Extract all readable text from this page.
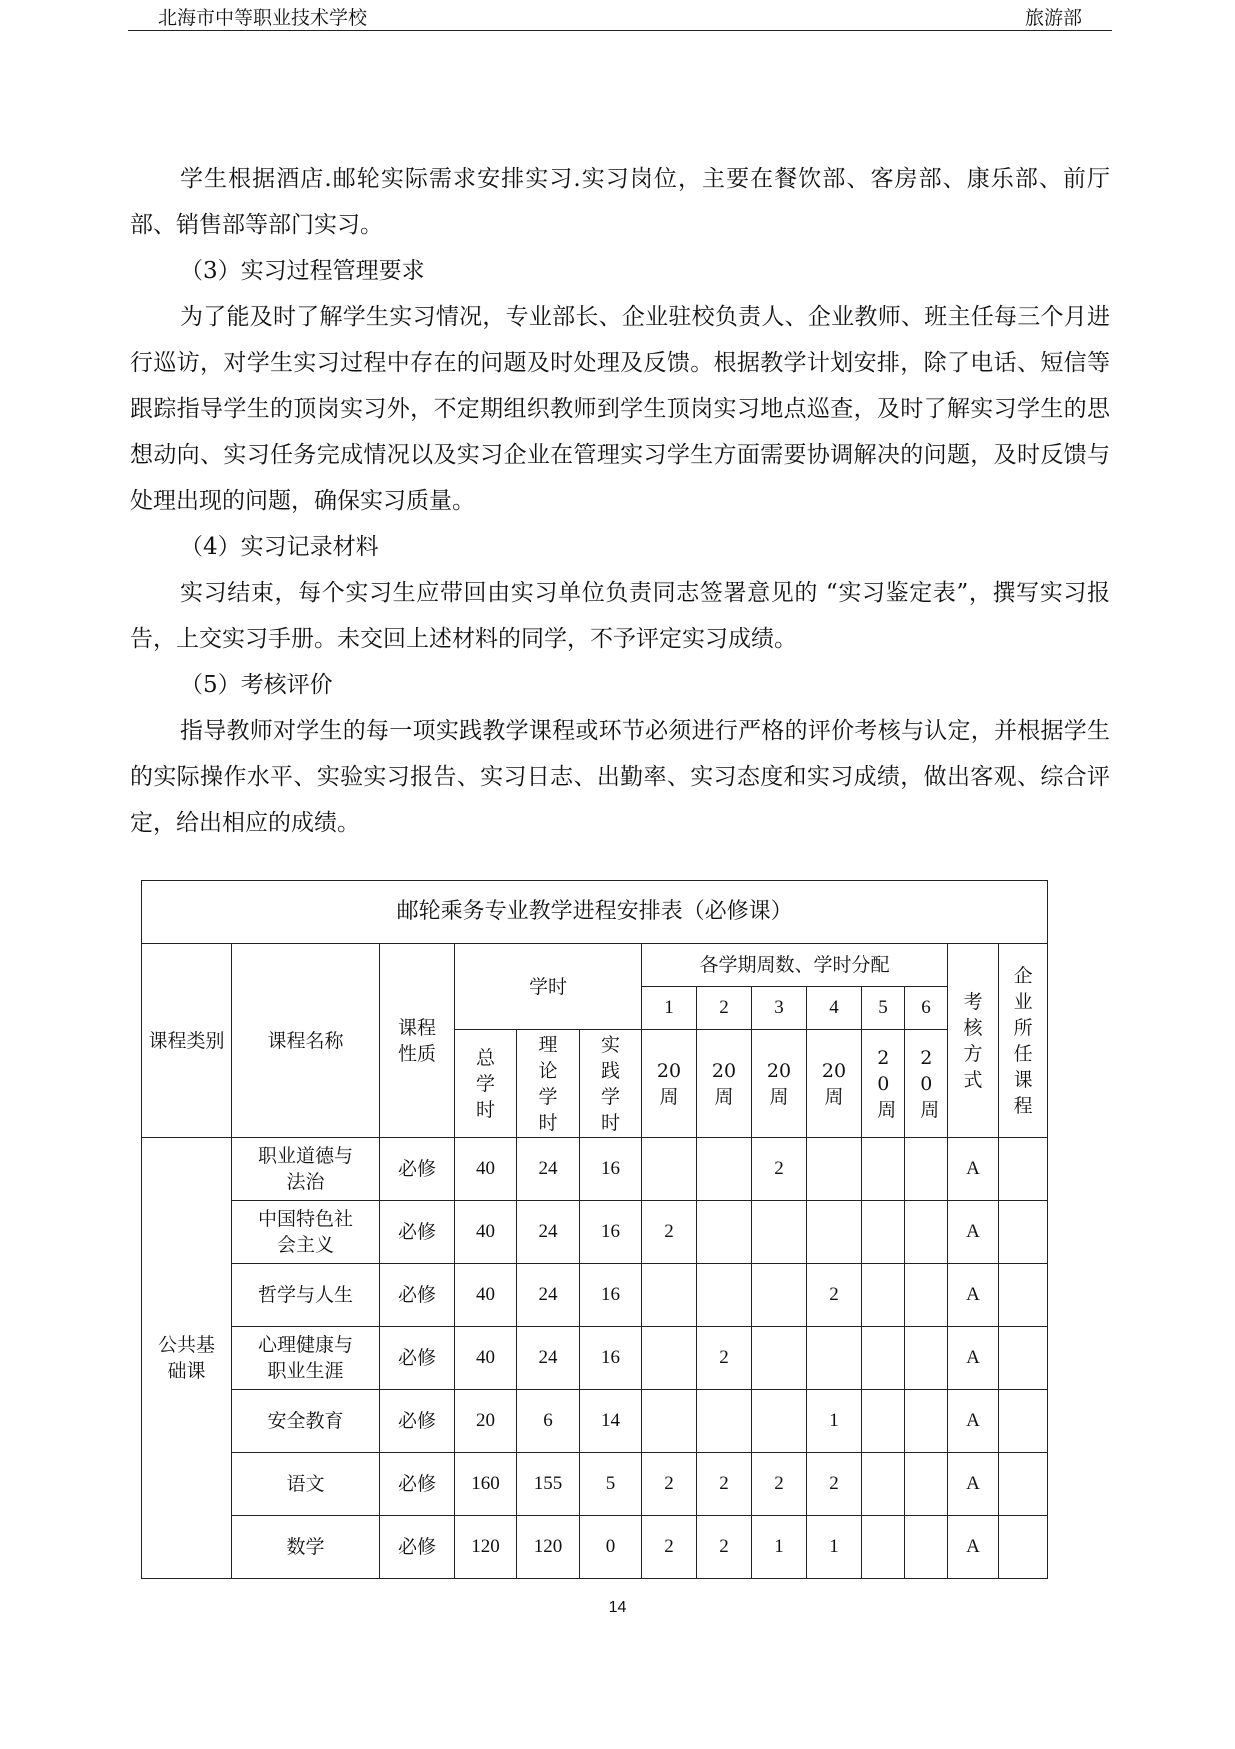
北海市中等职业技术学校	旅游部

学生根据酒店.邮轮实际需求安排实习.实习岗位，主要在餐饮部、客房部、康乐部、前厅部、销售部等部门实习。

（3）实习过程管理要求

为了能及时了解学生实习情况，专业部长、企业驻校负责人、企业教师、班主任每三个月进行巡访，对学生实习过程中存在的问题及时处理及反馈。根据教学计划安排，除了电话、短信等跟踪指导学生的顶岗实习外，不定期组织教师到学生顶岗实习地点巡查，及时了解实习学生的思想动向、实习任务完成情况以及实习企业在管理实习学生方面需要协调解决的问题，及时反馈与处理出现的问题，确保实习质量。

（4）实习记录材料

实习结束，每个实习生应带回由实习单位负责同志签署意见的 “实习鉴定表”，撰写实习报告，上交实习手册。未交回上述材料的同学，不予评定实习成绩。

（5）考核评价

指导教师对学生的每一项实践教学课程或环节必须进行严格的评价考核与认定，并根据学生的实际操作水平、实验实习报告、实习日志、出勤率、实习态度和实习成绩，做出客观、综合评定，给出相应的成绩。

邮轮乘务专业教学进程安排表（必修课）													
课程类别	课程名称	课程性质	学时			各学期周数、学时分配						考核方式	企业所任课程
						1	2	3	4	5	6		
			总学时	理论学时	实践学时	20周	20周	20周	20周	20周	20周		
公共基础课	职业道德与法治	必修	40	24	16			2				A	
	中国特色社会主义	必修	40	24	16	2						A	
	哲学与人生	必修	40	24	16				2			A	
	心理健康与职业生涯	必修	40	24	16		2					A	
	安全教育	必修	20	6	14				1			A	
	语文	必修	160	155	5	2	2	2	2			A	
	数学	必修	120	120	0	2	2	1	1			A	
14
